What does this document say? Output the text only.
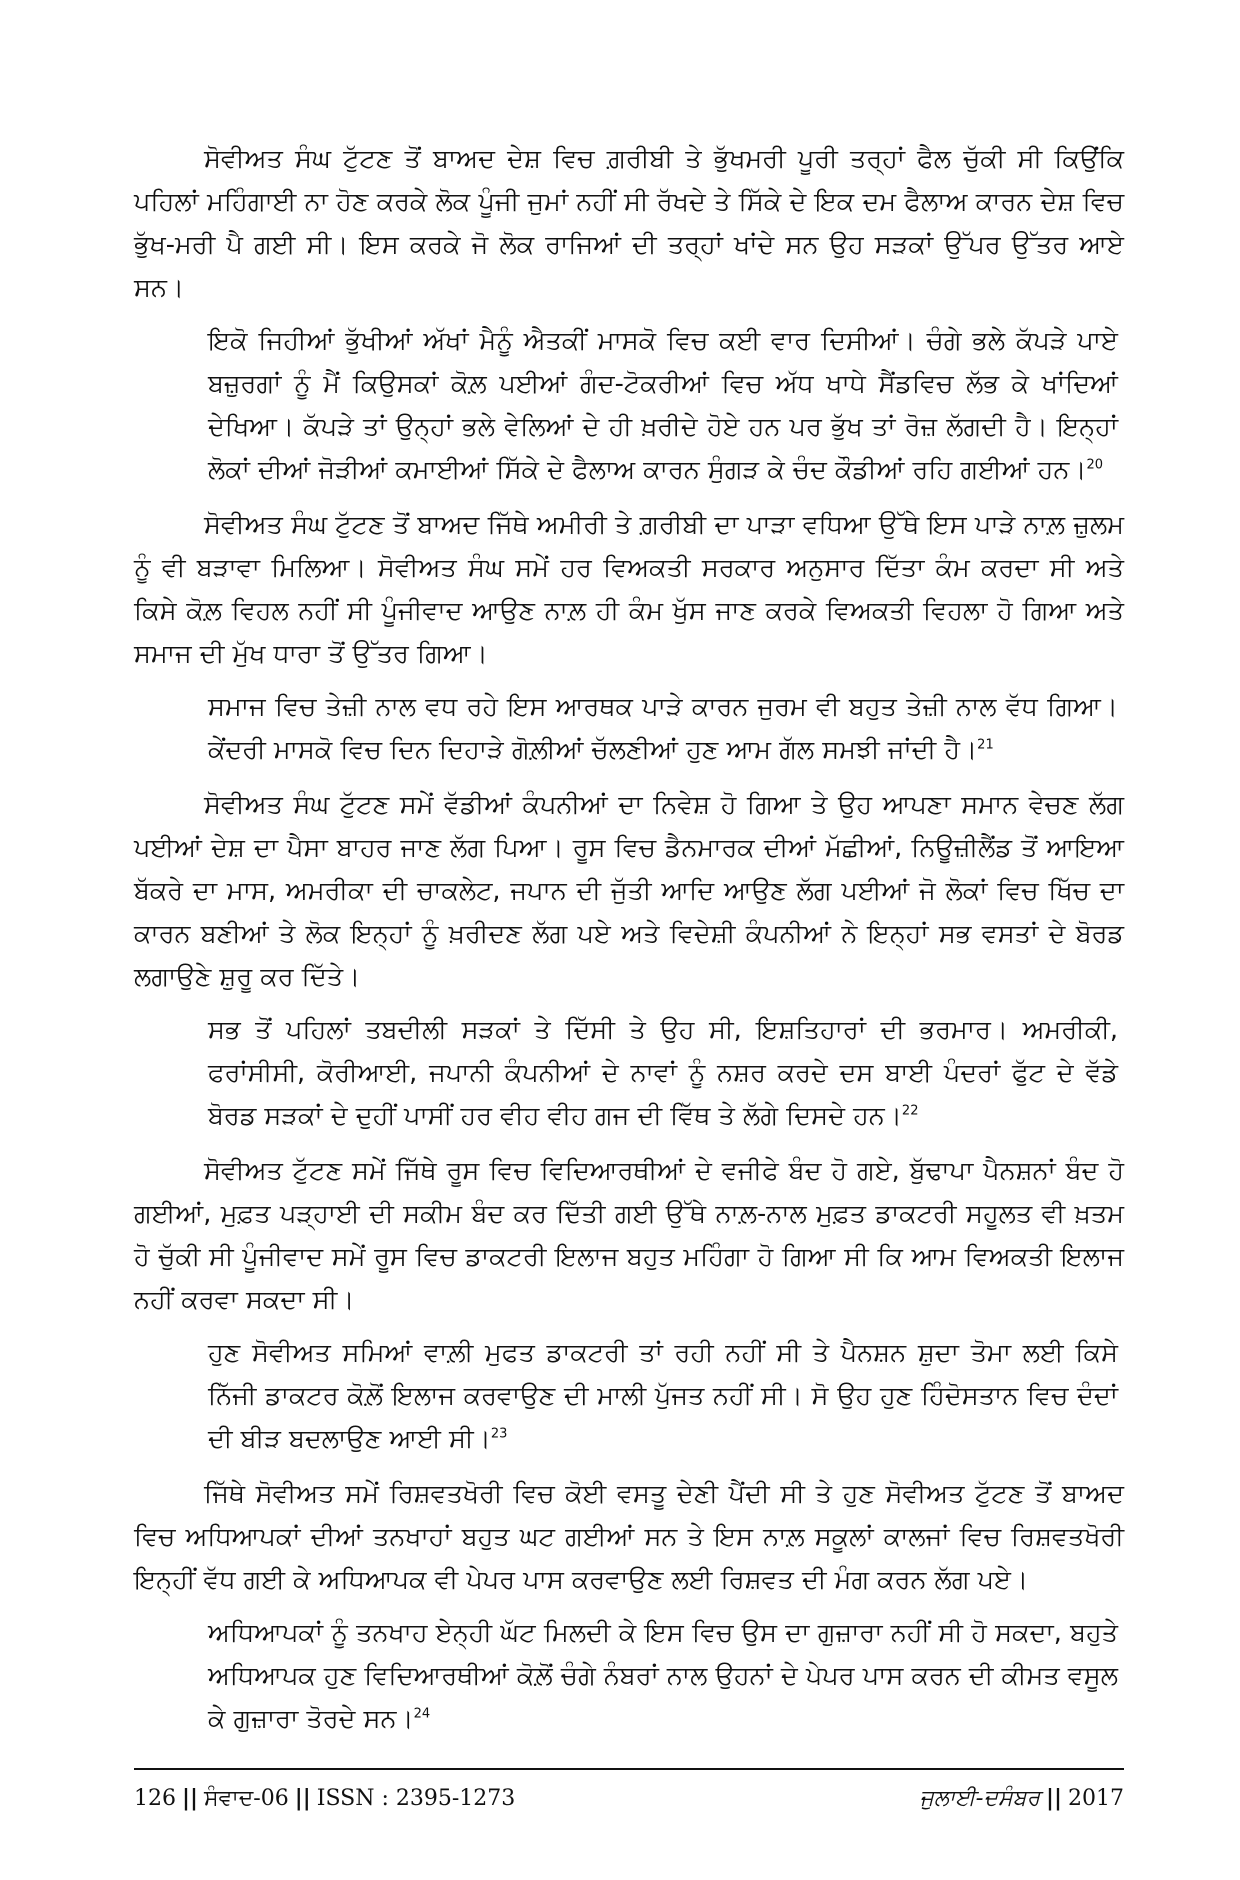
ਸੋਵੀਅਤ ਸੰਘ ਟੁੱਟਣ ਤੋਂ ਬਾਅਦ ਦੇਸ਼ ਵਿਚ ਗ਼ਰੀਬੀ ਤੇ ਭੁੱਖਮਰੀ ਪੂਰੀ ਤਰ੍ਹਾਂ ਫੈਲ ਚੁੱਕੀ ਸੀ ਕਿਉਂਕਿ ਪਹਿਲਾਂ ਮਹਿੰਗਾਈ ਨਾ ਹੋਣ ਕਰਕੇ ਲੋਕ ਪੂੰਜੀ ਜੁਮਾਂ ਨਹੀਂ ਸੀ ਰੱਖਦੇ ਤੇ ਸਿੱਕੇ ਦੇ ਇਕ ਦਮ ਫੈਲਾਅ ਕਾਰਨ ਦੇਸ਼ ਵਿਚ ਭੁੱਖ-ਮਰੀ ਪੈ ਗਈ ਸੀ। ਇਸ ਕਰਕੇ ਜੋ ਲੋਕ ਰਾਜਿਆਂ ਦੀ ਤਰ੍ਹਾਂ ਖਾਂਦੇ ਸਨ ਉਹ ਸੜਕਾਂ ਉੱਪਰ ਉੱਤਰ ਆਏ ਸਨ।

ਇਕੋ ਜਿਹੀਆਂ ਭੁੱਖੀਆਂ ਅੱਖਾਂ ਮੈਨੂੰ ਐਤਕੀਂ ਮਾਸਕੋ ਵਿਚ ਕਈ ਵਾਰ ਦਿਸੀਆਂ। ਚੰਗੇ ਭਲੇ ਕੱਪੜੇ ਪਾਏ ਬਜ਼ੁਰਗਾਂ ਨੂੰ ਮੈਂ ਕਿਉਸਕਾਂ ਕੋਲ਼ ਪਈਆਂ ਗੰਦ-ਟੋਕਰੀਆਂ ਵਿਚ ਅੱਧ ਖਾਧੇ ਸੈਂਡਵਿਚ ਲੱਭ ਕੇ ਖਾਂਦਿਆਂ ਦੇਖਿਆ। ਕੱਪੜੇ ਤਾਂ ਉਨ੍ਹਾਂ ਭਲੇ ਵੇਲਿਆਂ ਦੇ ਹੀ ਖ਼ਰੀਦੇ ਹੋਏ ਹਨ ਪਰ ਭੁੱਖ ਤਾਂ ਰੋਜ਼ ਲੱਗਦੀ ਹੈ। ਇਨ੍ਹਾਂ ਲੋਕਾਂ ਦੀਆਂ ਜੋੜੀਆਂ ਕਮਾਈਆਂ ਸਿੱਕੇ ਦੇ ਫੈਲਾਅ ਕਾਰਨ ਸੁੰਗੜ ਕੇ ਚੰਦ ਕੌਡੀਆਂ ਰਹਿ ਗਈਆਂ ਹਨ।$^{20}$

ਸੋਵੀਅਤ ਸੰਘ ਟੁੱਟਣ ਤੋਂ ਬਾਅਦ ਜਿੱਥੇ ਅਮੀਰੀ ਤੇ ਗ਼ਰੀਬੀ ਦਾ ਪਾੜਾ ਵਧਿਆ ਉੱਥੇ ਇਸ ਪਾੜੇ ਨਾਲ਼ ਜ਼ੁਲਮ ਨੂੰ ਵੀ ਬੜਾਵਾ ਮਿਲਿਆ। ਸੋਵੀਅਤ ਸੰਘ ਸਮੇਂ ਹਰ ਵਿਅਕਤੀ ਸਰਕਾਰ ਅਨੁਸਾਰ ਦਿੱਤਾ ਕੰਮ ਕਰਦਾ ਸੀ ਅਤੇ ਕਿਸੇ ਕੋਲ਼ ਵਿਹਲ ਨਹੀਂ ਸੀ ਪੂੰਜੀਵਾਦ ਆਉਣ ਨਾਲ਼ ਹੀ ਕੰਮ ਖੁੱਸ ਜਾਣ ਕਰਕੇ ਵਿਅਕਤੀ ਵਿਹਲਾ ਹੋ ਗਿਆ ਅਤੇ ਸਮਾਜ ਦੀ ਮੁੱਖ ਧਾਰਾ ਤੋਂ ਉੱਤਰ ਗਿਆ।

ਸਮਾਜ ਵਿਚ ਤੇਜ਼ੀ ਨਾਲ ਵਧ ਰਹੇ ਇਸ ਆਰਥਕ ਪਾੜੇ ਕਾਰਨ ਜੁਰਮ ਵੀ ਬਹੁਤ ਤੇਜ਼ੀ ਨਾਲ ਵੱਧ ਗਿਆ। ਕੇਂਦਰੀ ਮਾਸਕੋ ਵਿਚ ਦਿਨ ਦਿਹਾੜੇ ਗੋਲ਼ੀਆਂ ਚੱਲਣੀਆਂ ਹੁਣ ਆਮ ਗੱਲ ਸਮਝੀ ਜਾਂਦੀ ਹੈ।$^{21}$

ਸੋਵੀਅਤ ਸੰਘ ਟੁੱਟਣ ਸਮੇਂ ਵੱਡੀਆਂ ਕੰਪਨੀਆਂ ਦਾ ਨਿਵੇਸ਼ ਹੋ ਗਿਆ ਤੇ ਉਹ ਆਪਣਾ ਸਮਾਨ ਵੇਚਣ ਲੱਗ ਪਈਆਂ ਦੇਸ਼ ਦਾ ਪੈਸਾ ਬਾਹਰ ਜਾਣ ਲੱਗ ਪਿਆ। ਰੂਸ ਵਿਚ ਡੈਨਮਾਰਕ ਦੀਆਂ ਮੱਛੀਆਂ, ਨਿਊਜ਼ੀਲੈਂਡ ਤੋਂ ਆਇਆ ਬੱਕਰੇ ਦਾ ਮਾਸ, ਅਮਰੀਕਾ ਦੀ ਚਾਕਲੇਟ, ਜਪਾਨ ਦੀ ਜੁੱਤੀ ਆਦਿ ਆਉਣ ਲੱਗ ਪਈਆਂ ਜੋ ਲੋਕਾਂ ਵਿਚ ਖਿੱਚ ਦਾ ਕਾਰਨ ਬਣੀਆਂ ਤੇ ਲੋਕ ਇਨ੍ਹਾਂ ਨੂੰ ਖ਼ਰੀਦਣ ਲੱਗ ਪਏ ਅਤੇ ਵਿਦੇਸ਼ੀ ਕੰਪਨੀਆਂ ਨੇ ਇਨ੍ਹਾਂ ਸਭ ਵਸਤਾਂ ਦੇ ਬੋਰਡ ਲਗਾਉਣੇ ਸ਼ੁਰੂ ਕਰ ਦਿੱਤੇ।

ਸਭ ਤੋਂ ਪਹਿਲਾਂ ਤਬਦੀਲੀ ਸੜਕਾਂ ਤੇ ਦਿੱਸੀ ਤੇ ਉਹ ਸੀ, ਇਸ਼ਤਿਹਾਰਾਂ ਦੀ ਭਰਮਾਰ। ਅਮਰੀਕੀ, ਫਰਾਂਸੀਸੀ, ਕੋਰੀਆਈ, ਜਪਾਨੀ ਕੰਪਨੀਆਂ ਦੇ ਨਾਵਾਂ ਨੂੰ ਨਸ਼ਰ ਕਰਦੇ ਦਸ ਬਾਈ ਪੰਦਰਾਂ ਫੁੱਟ ਦੇ ਵੱਡੇ ਬੋਰਡ ਸੜਕਾਂ ਦੇ ਦੁਹੀਂ ਪਾਸੀਂ ਹਰ ਵੀਹ ਵੀਹ ਗਜ ਦੀ ਵਿੱਥ ਤੇ ਲੱਗੇ ਦਿਸਦੇ ਹਨ।$^{22}$

ਸੋਵੀਅਤ ਟੁੱਟਣ ਸਮੇਂ ਜਿੱਥੇ ਰੂਸ ਵਿਚ ਵਿਦਿਆਰਥੀਆਂ ਦੇ ਵਜੀਫੇ ਬੰਦ ਹੋ ਗਏ, ਬੁੱਢਾਪਾ ਪੈਨਸ਼ਨਾਂ ਬੰਦ ਹੋ ਗਈਆਂ, ਮੁਫ਼ਤ ਪੜ੍ਹਾਈ ਦੀ ਸਕੀਮ ਬੰਦ ਕਰ ਦਿੱਤੀ ਗਈ ਉੱਥੇ ਨਾਲ਼-ਨਾਲ ਮੁਫ਼ਤ ਡਾਕਟਰੀ ਸਹੂਲਤ ਵੀ ਖ਼ਤਮ ਹੋ ਚੁੱਕੀ ਸੀ ਪੂੰਜੀਵਾਦ ਸਮੇਂ ਰੂਸ ਵਿਚ ਡਾਕਟਰੀ ਇਲਾਜ ਬਹੁਤ ਮਹਿੰਗਾ ਹੋ ਗਿਆ ਸੀ ਕਿ ਆਮ ਵਿਅਕਤੀ ਇਲਾਜ ਨਹੀਂ ਕਰਵਾ ਸਕਦਾ ਸੀ।

ਹੁਣ ਸੋਵੀਅਤ ਸਮਿਆਂ ਵਾਲ਼ੀ ਮੁਫਤ ਡਾਕਟਰੀ ਤਾਂ ਰਹੀ ਨਹੀਂ ਸੀ ਤੇ ਪੈਨਸ਼ਨ ਸ਼ੁਦਾ ਤੋਮਾ ਲਈ ਕਿਸੇ ਨਿੱਜੀ ਡਾਕਟਰ ਕੋਲ਼ੋਂ ਇਲਾਜ ਕਰਵਾਉਣ ਦੀ ਮਾਲੀ ਪੁੱਜਤ ਨਹੀਂ ਸੀ। ਸੋ ਉਹ ਹੁਣ ਹਿੰਦੋਸਤਾਨ ਵਿਚ ਦੰਦਾਂ ਦੀ ਬੀੜ ਬਦਲਾਉਣ ਆਈ ਸੀ।$^{23}$

ਜਿੱਥੇ ਸੋਵੀਅਤ ਸਮੇਂ ਰਿਸ਼ਵਤਖੋਰੀ ਵਿਚ ਕੋਈ ਵਸਤੂ ਦੇਣੀ ਪੈਂਦੀ ਸੀ ਤੇ ਹੁਣ ਸੋਵੀਅਤ ਟੁੱਟਣ ਤੋਂ ਬਾਅਦ ਵਿਚ ਅਧਿਆਪਕਾਂ ਦੀਆਂ ਤਨਖਾਹਾਂ ਬਹੁਤ ਘਟ ਗਈਆਂ ਸਨ ਤੇ ਇਸ ਨਾਲ਼ ਸਕੂਲਾਂ ਕਾਲਜਾਂ ਵਿਚ ਰਿਸ਼ਵਤਖੋਰੀ ਇਨ੍ਹੀਂ ਵੱਧ ਗਈ ਕੇ ਅਧਿਆਪਕ ਵੀ ਪੇਪਰ ਪਾਸ ਕਰਵਾਉਣ ਲਈ ਰਿਸ਼ਵਤ ਦੀ ਮੰਗ ਕਰਨ ਲੱਗ ਪਏ।

ਅਧਿਆਪਕਾਂ ਨੂੰ ਤਨਖਾਹ ਏਨ੍ਹੀ ਘੱਟ ਮਿਲਦੀ ਕੇ ਇਸ ਵਿਚ ਉਸ ਦਾ ਗੁਜ਼ਾਰਾ ਨਹੀਂ ਸੀ ਹੋ ਸਕਦਾ, ਬਹੁਤੇ ਅਧਿਆਪਕ ਹੁਣ ਵਿਦਿਆਰਥੀਆਂ ਕੋਲ਼ੋਂ ਚੰਗੇ ਨੰਬਰਾਂ ਨਾਲ ਉਹਨਾਂ ਦੇ ਪੇਪਰ ਪਾਸ ਕਰਨ ਦੀ ਕੀਮਤ ਵਸੂਲ ਕੇ ਗੁਜ਼ਾਰਾ ਤੋਰਦੇ ਸਨ।$^{24}$

126 || ਸੰਵਾਦ-06 || ISSN : 2395-1273	ਜੁਲਾਈ-ਦਸੰਬਰ || 2017
